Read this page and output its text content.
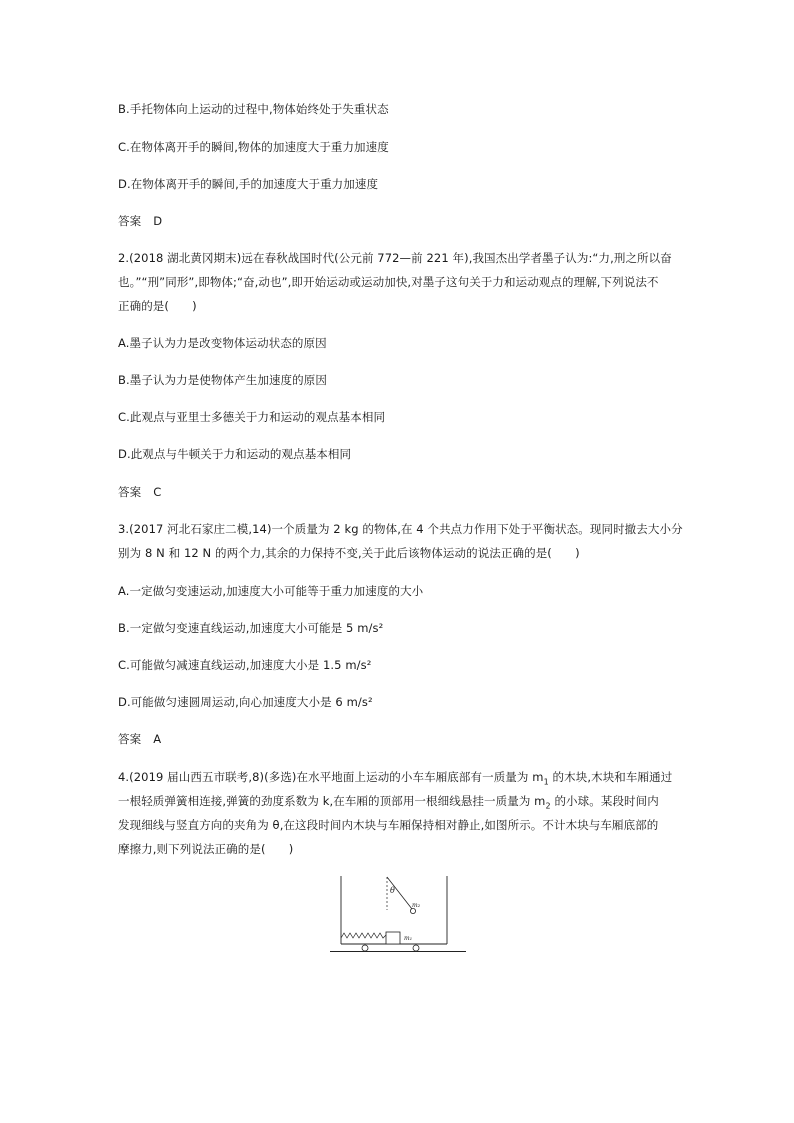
B.手托物体向上运动的过程中,物体始终处于失重状态
C.在物体离开手的瞬间,物体的加速度大于重力加速度
D.在物体离开手的瞬间,手的加速度大于重力加速度
答案 D
2.(2018 湖北黄冈期末)远在春秋战国时代(公元前 772—前 221 年),我国杰出学者墨子认为:“力,刑之所以奋
也。”“刑”同形”,即物体;“奋,动也”,即开始运动或运动加快,对墨子这句关于力和运动观点的理解,下列说法不
正确的是(　　)
A.墨子认为力是改变物体运动状态的原因
B.墨子认为力是使物体产生加速度的原因
C.此观点与亚里士多德关于力和运动的观点基本相同
D.此观点与牛顿关于力和运动的观点基本相同
答案 C
3.(2017 河北石家庄二模,14)一个质量为 2 kg 的物体,在 4 个共点力作用下处于平衡状态。现同时撤去大小分
别为 8 N 和 12 N 的两个力,其余的力保持不变,关于此后该物体运动的说法正确的是(　　)
A.一定做匀变速运动,加速度大小可能等于重力加速度的大小
B.一定做匀变速直线运动,加速度大小可能是 5 m/s²
C.可能做匀减速直线运动,加速度大小是 1.5 m/s²
D.可能做匀速圆周运动,向心加速度大小是 6 m/s²
答案 A
4.(2019 届山西五市联考,8)(多选)在水平地面上运动的小车车厢底部有一质量为 $m_1$ 的木块,木块和车厢通过
一根轻质弹簧相连接,弹簧的劲度系数为 k,在车厢的顶部用一根细线悬挂一质量为 $m_2$ 的小球。某段时间内
发现细线与竖直方向的夹角为 θ,在这段时间内木块与车厢保持相对静止,如图所示。不计木块与车厢底部的
摩擦力,则下列说法正确的是(　　)
θ
m₂
m₁
